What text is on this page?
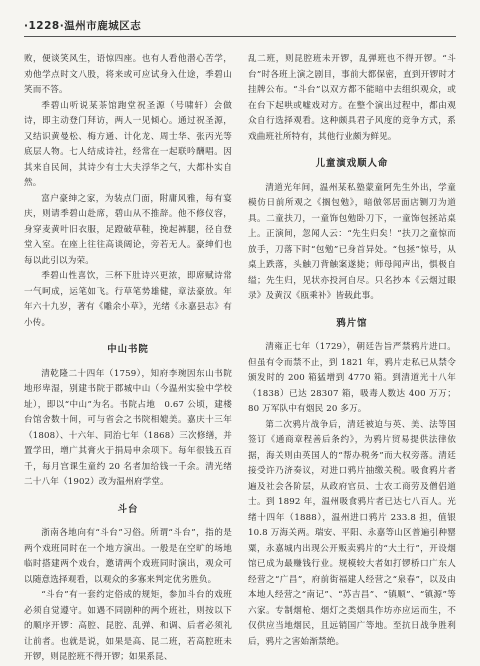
·1228·温州市鹿城区志

败，便谈笑风生，语惊四座。也有人看他潜心苦学，劝他学点时文八股，将来或可应试身入仕途，季碧山笑而不答。

季碧山听说某茶馆跑堂祝圣源（号啸轩）会做诗，即主动登门拜访，两人一见倾心。通过祝圣源，又结识黄曼松、梅方通、计化龙、周士华、张丙光等底层人物。七人结成诗社，经常在一起联吟酬唱。因其来自民间，其诗少有士大夫浮华之气，大都朴实自然。

富户豪绅之家，为装点门面，附庸风雅，每有宴庆，则请季碧山赴席，碧山从不推辞。他不修仪容，身穿麦黄叶旧衣服，足蹬破草鞋，挽起裤腿，径自登堂入室。在座上往往高谈阔论，旁若无人。豪绅们也每以此引以为荣。

季碧山性喜饮，三杯下肚诗兴更浓，即席赋诗常一气呵成，运笔如飞。行草笔势雄健，章法豪放。年年六十九岁，著有《雕余小草》，光绪《永嘉县志》有小传。

中山书院

清乾隆二十四年（1759），知府李琬因东山书院地形卑湿，别建书院于郡城中山（今温州实验中学校址），即以“中山”为名。书院占地　0.67 公顷，建楼台馆舍数十间，可与省会之书院相媲美。嘉庆十三年（1808）、十六年、同治七年（1868）三次修缮，并置学田，增广其膏火于捐局申余项下。每年很钱五百千，每月宫课生童约 20 名者加给钱一千余。清光绪二十八年（1902）改为温州府学堂。

斗台

浙南各地向有“斗台”习俗。所谓“斗台”，指的是两个戏班同时在一个地方演出。一般是在空旷的场地临时搭建两个戏台，邀请两个戏班同时演出，观众可以随意选择观看，以观众的多寡来判定优劣胜负。

“斗台”有一套约定俗成的规矩，参加斗台的戏班必须自觉遵守。如遇不同剧种的两个班社，则按以下的顺序开锣：高腔、昆腔、乱弹、和调、后者必须礼让前者。也就是说，如果是高、昆二班，若高腔班未开锣，则昆腔班不得开锣；如果系昆、

乱二班，则昆腔班未开锣，乱弹班也不得开锣。“斗台”时各班上演之剧目，事前大都保密，直到开锣时才挂牌公布。“斗台”以双方都不能暗中去组织观众，或在台下起哄或嘘戏对方。在整个演出过程中，都由观众自行选择观看。这种颇具君子风度的竞争方式，系戏曲班社所特有，其他行业颇为鲜见。

儿童演戏顺人命

清道光年间，温州某私塾蒙童阿先生外出，学童模仿日前所观之《搁包勉》，暗倣邻居面店铡刀为道具。二童扶刀，一童饰包勉卧刀下，一童饰包拯站桌上。正演间，忽闻人云：“先生归矣！”扶刀之童惊而放手，刀落下时“包勉”已身首异处。“包拯”惊号，从桌上跌落，头触刀背触案遂毙；师母闻声出，惧极自缢；先生归，见状亦投河自尽。只名抄本《云烟过眼录》及黄汉《瓯乘补》皆载此事。

鸦片馆

清雍正七年（1729），朝廷告旨严禁鸦片进口。但虽有令而禁不止，到 1821 年，鸦片走私已从禁令颁发时的 200 箱猛增到 4770 箱。到清道光十八年（1838）已达 28307 箱，吸毒人数达 400 万万；80 万军队中有烟民 20 多万。

第二次鸦片战争后，清廷被迫与英、美、法等国签订《通商章程善后条约》，为鸦片贸易提供法律依据，海关则由英国人的“帮办税务”而大权旁落。清廷接受许乃济奏议，对进口鸦片抽缴关税。吸食鸦片者遍及社会各阶层，从政府官员、士农工商劳及僧侣道士。到 1892 年，温州吸食鸦片者已达七八百人。光绪十四年（1888），温州进口鸦片 233.8 担，值银 10.8 万海关两。瑞安、平阳、永嘉等山区普遍引种罂粟，永嘉城内出现公开贩卖鸦片的“大土行”，开设烟馆已成为最赚钱行业。规模较大者如打锣桥口广东人经营之“广昌”，府前街福建人经营之“泉春”，以及由本地人经营之“南记”、“苏吉昌”、“镇顺”、“镇源”等六家。专制烟枪、烟灯之类烟具作坊亦应运而生，不仅供应当地烟民，且远销国广等地。至抗日战争胜利后，鸦片之害始渐禁绝。
